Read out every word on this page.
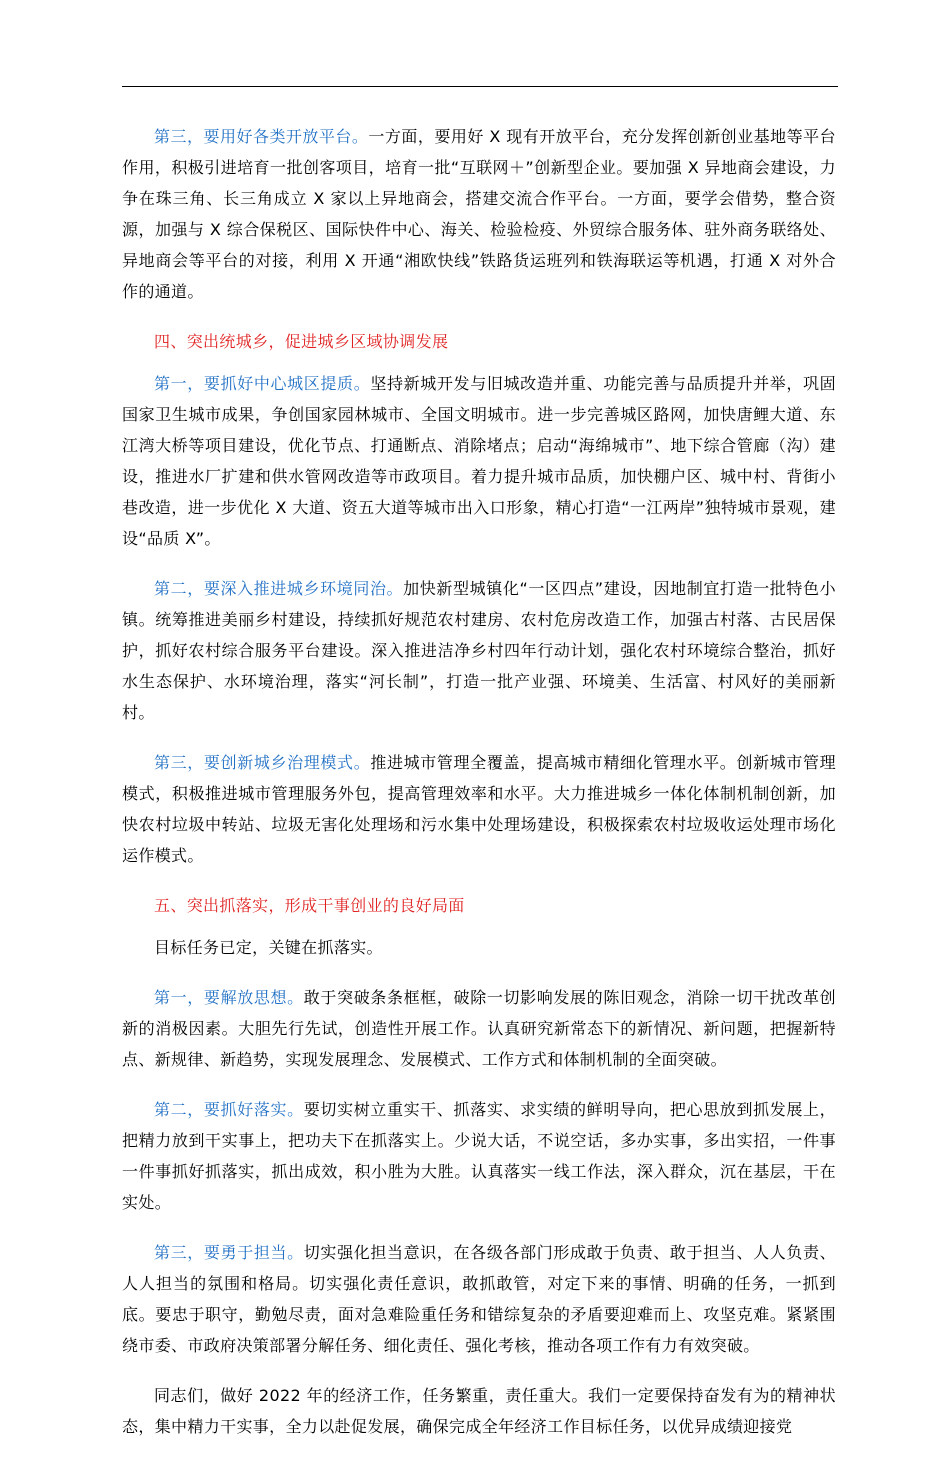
第三，要用好各类开放平台。一方面，要用好 X 现有开放平台，充分发挥创新创业基地等平台作用，积极引进培育一批创客项目，培育一批“互联网＋”创新型企业。要加强 X 异地商会建设，力争在珠三角、长三角成立 X 家以上异地商会，搭建交流合作平台。一方面，要学会借势，整合资源，加强与 X 综合保税区、国际快件中心、海关、检验检疫、外贸综合服务体、驻外商务联络处、异地商会等平台的对接，利用 X 开通“湘欧快线”铁路货运班列和铁海联运等机遇，打通 X 对外合作的通道。

四、突出统城乡，促进城乡区域协调发展

第一，要抓好中心城区提质。坚持新城开发与旧城改造并重、功能完善与品质提升并举，巩固国家卫生城市成果，争创国家园林城市、全国文明城市。进一步完善城区路网，加快唐鲤大道、东江湾大桥等项目建设，优化节点、打通断点、消除堵点；启动“海绵城市”、地下综合管廊（沟）建设，推进水厂扩建和供水管网改造等市政项目。着力提升城市品质，加快棚户区、城中村、背街小巷改造，进一步优化 X 大道、资五大道等城市出入口形象，精心打造“一江两岸”独特城市景观，建设“品质 X”。

第二，要深入推进城乡环境同治。加快新型城镇化“一区四点”建设，因地制宜打造一批特色小镇。统筹推进美丽乡村建设，持续抓好规范农村建房、农村危房改造工作，加强古村落、古民居保护，抓好农村综合服务平台建设。深入推进洁净乡村四年行动计划，强化农村环境综合整治，抓好水生态保护、水环境治理，落实“河长制”，打造一批产业强、环境美、生活富、村风好的美丽新村。

第三，要创新城乡治理模式。推进城市管理全覆盖，提高城市精细化管理水平。创新城市管理模式，积极推进城市管理服务外包，提高管理效率和水平。大力推进城乡一体化体制机制创新，加快农村垃圾中转站、垃圾无害化处理场和污水集中处理场建设，积极探索农村垃圾收运处理市场化运作模式。

五、突出抓落实，形成干事创业的良好局面

目标任务已定，关键在抓落实。

第一，要解放思想。敢于突破条条框框，破除一切影响发展的陈旧观念，消除一切干扰改革创新的消极因素。大胆先行先试，创造性开展工作。认真研究新常态下的新情况、新问题，把握新特点、新规律、新趋势，实现发展理念、发展模式、工作方式和体制机制的全面突破。

第二，要抓好落实。要切实树立重实干、抓落实、求实绩的鲜明导向，把心思放到抓发展上，把精力放到干实事上，把功夫下在抓落实上。少说大话，不说空话，多办实事，多出实招，一件事一件事抓好抓落实，抓出成效，积小胜为大胜。认真落实一线工作法，深入群众，沉在基层，干在实处。

第三，要勇于担当。切实强化担当意识，在各级各部门形成敢于负责、敢于担当、人人负责、人人担当的氛围和格局。切实强化责任意识，敢抓敢管，对定下来的事情、明确的任务，一抓到底。要忠于职守，勤勉尽责，面对急难险重任务和错综复杂的矛盾要迎难而上、攻坚克难。紧紧围绕市委、市政府决策部署分解任务、细化责任、强化考核，推动各项工作有力有效突破。

同志们，做好 2022 年的经济工作，任务繁重，责任重大。我们一定要保持奋发有为的精神状态，集中精力干实事，全力以赴促发展，确保完成全年经济工作目标任务，以优异成绩迎接党
